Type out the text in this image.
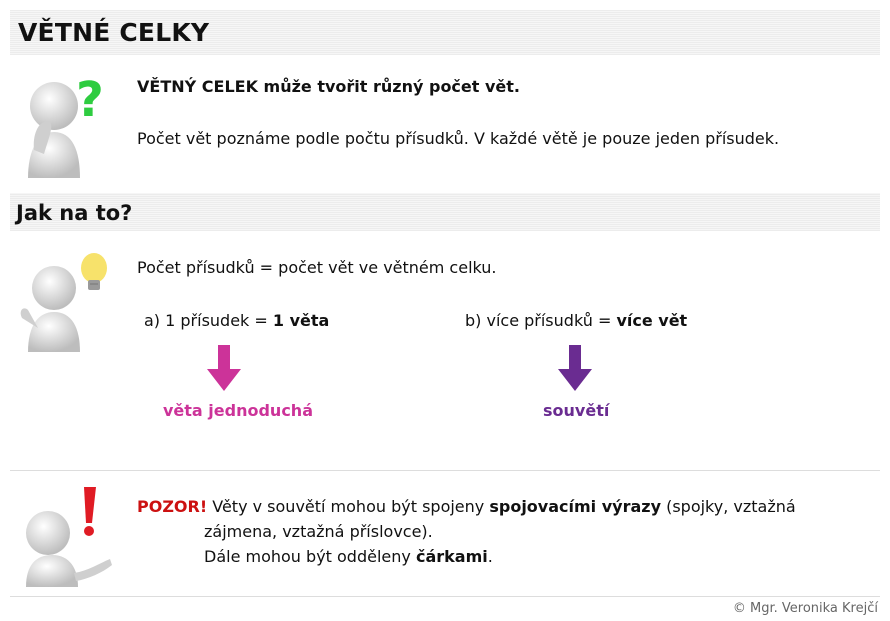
VĚTNÉ CELKY
? VĚTNÝ CELEK může tvořit různý počet vět.
Počet vět poznáme podle počtu přísudků. V každé větě je pouze jeden přísudek.
Jak na to?
Počet přísudků = počet vět ve větném celku.
a) 1 přísudek = 1 věta
věta jednoduchá
b) více přísudků = více vět
souvětí
POZOR! Věty v souvětí mohou být spojeny spojovacími výrazy (spojky, vztažná
zájmena, vztažná příslovce).
Dále mohou být odděleny čárkami.
© Mgr. Veronika Krejčí
